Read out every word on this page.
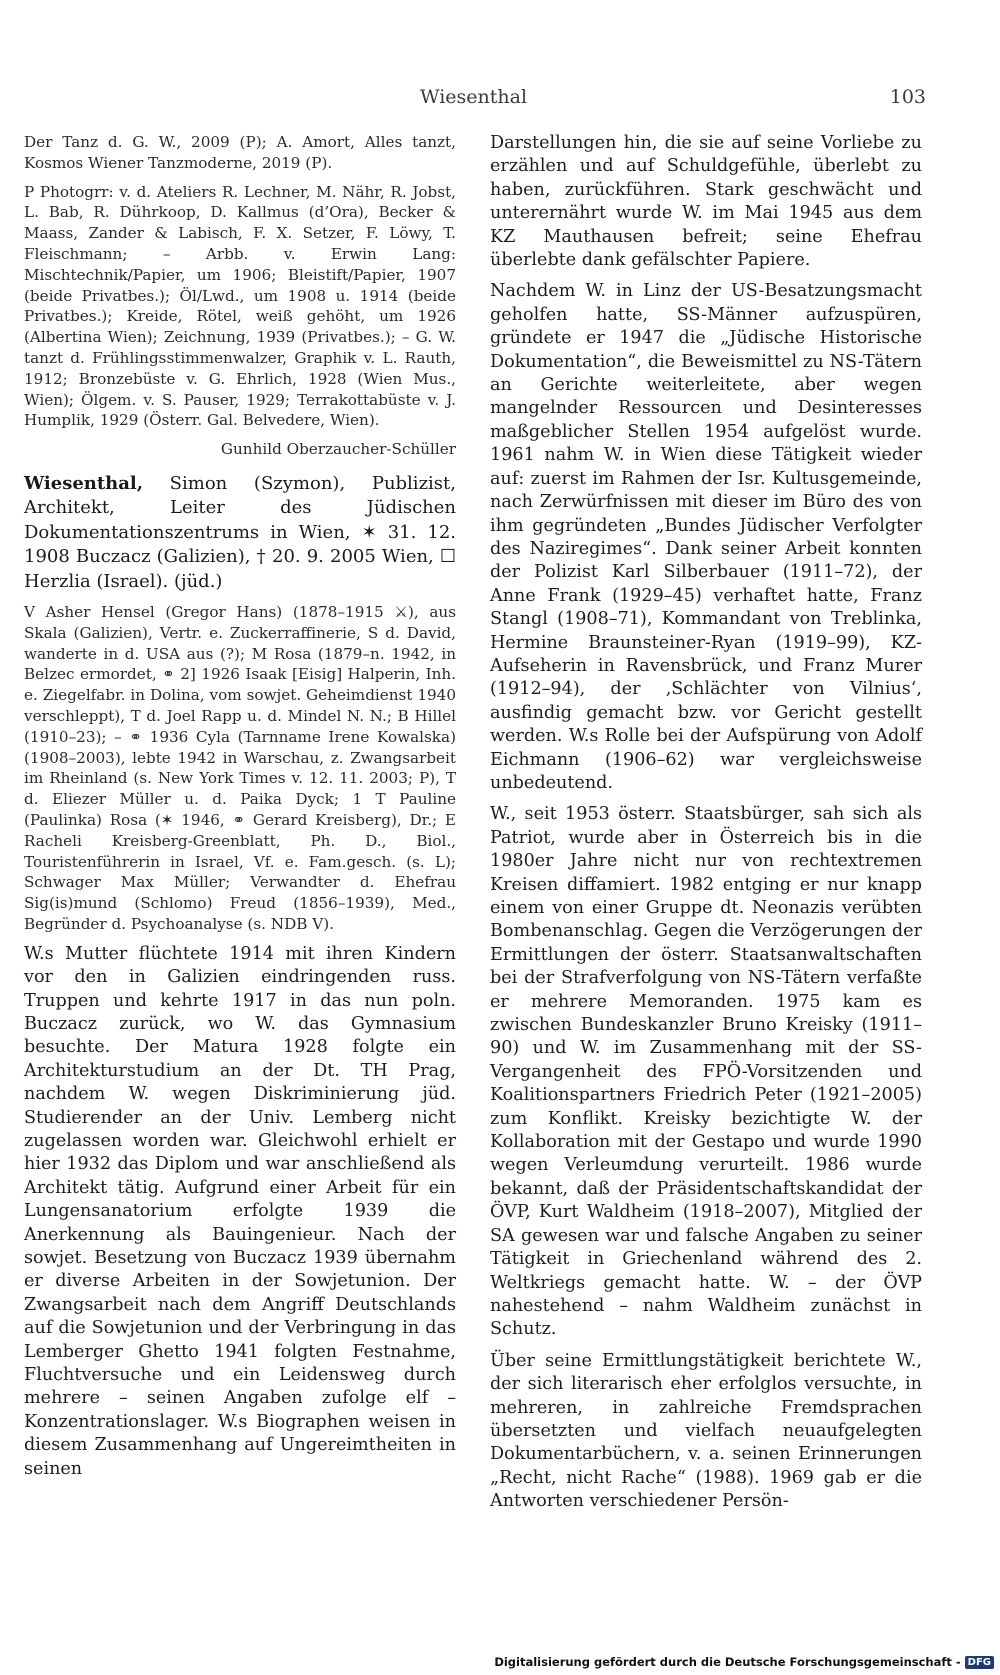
Wiesenthal	103

Der Tanz d. G. W., 2009 (P); A. Amort, Alles tanzt, Kosmos Wiener Tanzmoderne, 2019 (P).

P Photogrr: v. d. Ateliers R. Lechner, M. Nähr, R. Jobst, L. Bab, R. Dührkoop, D. Kallmus (d’Ora), Becker & Maass, Zander & Labisch, F. X. Setzer, F. Löwy, T. Fleischmann; – Arbb. v. Erwin Lang: Mischtechnik/Papier, um 1906; Bleistift/Papier, 1907 (beide Privatbes.); Öl/Lwd., um 1908 u. 1914 (beide Privatbes.); Kreide, Rötel, weiß gehöht, um 1926 (Albertina Wien); Zeichnung, 1939 (Privatbes.); – G. W. tanzt d. Frühlingsstimmenwalzer, Graphik v. L. Rauth, 1912; Bronzebüste v. G. Ehrlich, 1928 (Wien Mus., Wien); Ölgem. v. S. Pauser, 1929; Terrakottabüste v. J. Humplik, 1929 (Österr. Gal. Belvedere, Wien).

Gunhild Oberzaucher-Schüller

Wiesenthal, Simon (Szymon), Publizist, Architekt, Leiter des Jüdischen Dokumentationszentrums in Wien, ✶ 31. 12. 1908 Buczacz (Galizien), † 20. 9. 2005 Wien, ☐ Herzlia (Israel). (jüd.)

V Asher Hensel (Gregor Hans) (1878–1915 ⚔), aus Skala (Galizien), Vertr. e. Zuckerraffinerie, S d. David, wanderte in d. USA aus (?); M Rosa (1879–n. 1942, in Belzec ermordet, ⚭ 2] 1926 Isaak [Eisig] Halperin, Inh. e. Ziegelfabr. in Dolina, vom sowjet. Geheimdienst 1940 verschleppt), T d. Joel Rapp u. d. Mindel N. N.; B Hillel (1910–23); – ⚭ 1936 Cyla (Tarnname Irene Kowalska) (1908–2003), lebte 1942 in Warschau, z. Zwangsarbeit im Rheinland (s. New York Times v. 12. 11. 2003; P), T d. Eliezer Müller u. d. Paika Dyck; 1 T Pauline (Paulinka) Rosa (✶ 1946, ⚭ Gerard Kreisberg), Dr.; E Racheli Kreisberg-Greenblatt, Ph. D., Biol., Touristenführerin in Israel, Vf. e. Fam.gesch. (s. L); Schwager Max Müller; Verwandter d. Ehefrau Sig(is)mund (Schlomo) Freud (1856–1939), Med., Begründer d. Psychoanalyse (s. NDB V).

W.s Mutter flüchtete 1914 mit ihren Kindern vor den in Galizien eindringenden russ. Truppen und kehrte 1917 in das nun poln. Buczacz zurück, wo W. das Gymnasium besuchte. Der Matura 1928 folgte ein Architekturstudium an der Dt. TH Prag, nachdem W. wegen Diskriminierung jüd. Studierender an der Univ. Lemberg nicht zugelassen worden war. Gleichwohl erhielt er hier 1932 das Diplom und war anschließend als Architekt tätig. Aufgrund einer Arbeit für ein Lungensanatorium erfolgte 1939 die Anerkennung als Bauingenieur. Nach der sowjet. Besetzung von Buczacz 1939 übernahm er diverse Arbeiten in der Sowjetunion. Der Zwangsarbeit nach dem Angriff Deutschlands auf die Sowjetunion und der Verbringung in das Lemberger Ghetto 1941 folgten Festnahme, Fluchtversuche und ein Leidensweg durch mehrere – seinen Angaben zufolge elf – Konzentrationslager. W.s Biographen weisen in diesem Zusammenhang auf Ungereimtheiten in seinen

Darstellungen hin, die sie auf seine Vorliebe zu erzählen und auf Schuldgefühle, überlebt zu haben, zurückführen. Stark geschwächt und unterernährt wurde W. im Mai 1945 aus dem KZ Mauthausen befreit; seine Ehefrau überlebte dank gefälschter Papiere.

Nachdem W. in Linz der US-Besatzungsmacht geholfen hatte, SS-Männer aufzuspüren, gründete er 1947 die „Jüdische Historische Dokumentation“, die Beweismittel zu NS-Tätern an Gerichte weiterleitete, aber wegen mangelnder Ressourcen und Desinteresses maßgeblicher Stellen 1954 aufgelöst wurde. 1961 nahm W. in Wien diese Tätigkeit wieder auf: zuerst im Rahmen der Isr. Kultusgemeinde, nach Zerwürfnissen mit dieser im Büro des von ihm gegründeten „Bundes Jüdischer Verfolgter des Naziregimes“. Dank seiner Arbeit konnten der Polizist Karl Silberbauer (1911–72), der Anne Frank (1929–45) verhaftet hatte, Franz Stangl (1908–71), Kommandant von Treblinka, Hermine Braunsteiner-Ryan (1919–99), KZ-Aufseherin in Ravensbrück, und Franz Murer (1912–94), der ‚Schlächter von Vilnius‘, ausfindig gemacht bzw. vor Gericht gestellt werden. W.s Rolle bei der Aufspürung von Adolf Eichmann (1906–62) war vergleichsweise unbedeutend.

W., seit 1953 österr. Staatsbürger, sah sich als Patriot, wurde aber in Österreich bis in die 1980er Jahre nicht nur von rechtextremen Kreisen diffamiert. 1982 entging er nur knapp einem von einer Gruppe dt. Neonazis verübten Bombenanschlag. Gegen die Verzögerungen der Ermittlungen der österr. Staatsanwaltschaften bei der Strafverfolgung von NS-Tätern verfaßte er mehrere Memoranden. 1975 kam es zwischen Bundeskanzler Bruno Kreisky (1911–90) und W. im Zusammenhang mit der SS-Vergangenheit des FPÖ-Vorsitzenden und Koalitionspartners Friedrich Peter (1921–2005) zum Konflikt. Kreisky bezichtigte W. der Kollaboration mit der Gestapo und wurde 1990 wegen Verleumdung verurteilt. 1986 wurde bekannt, daß der Präsidentschaftskandidat der ÖVP, Kurt Waldheim (1918–2007), Mitglied der SA gewesen war und falsche Angaben zu seiner Tätigkeit in Griechenland während des 2. Weltkriegs gemacht hatte. W. – der ÖVP nahestehend – nahm Waldheim zunächst in Schutz.

Über seine Ermittlungstätigkeit berichtete W., der sich literarisch eher erfolglos versuchte, in mehreren, in zahlreiche Fremdsprachen übersetzten und vielfach neuaufgelegten Dokumentarbüchern, v. a. seinen Erinnerungen „Recht, nicht Rache“ (1988). 1969 gab er die Antworten verschiedener Persön-

Digitalisierung gefördert durch die Deutsche Forschungsgemeinschaft - DFG
